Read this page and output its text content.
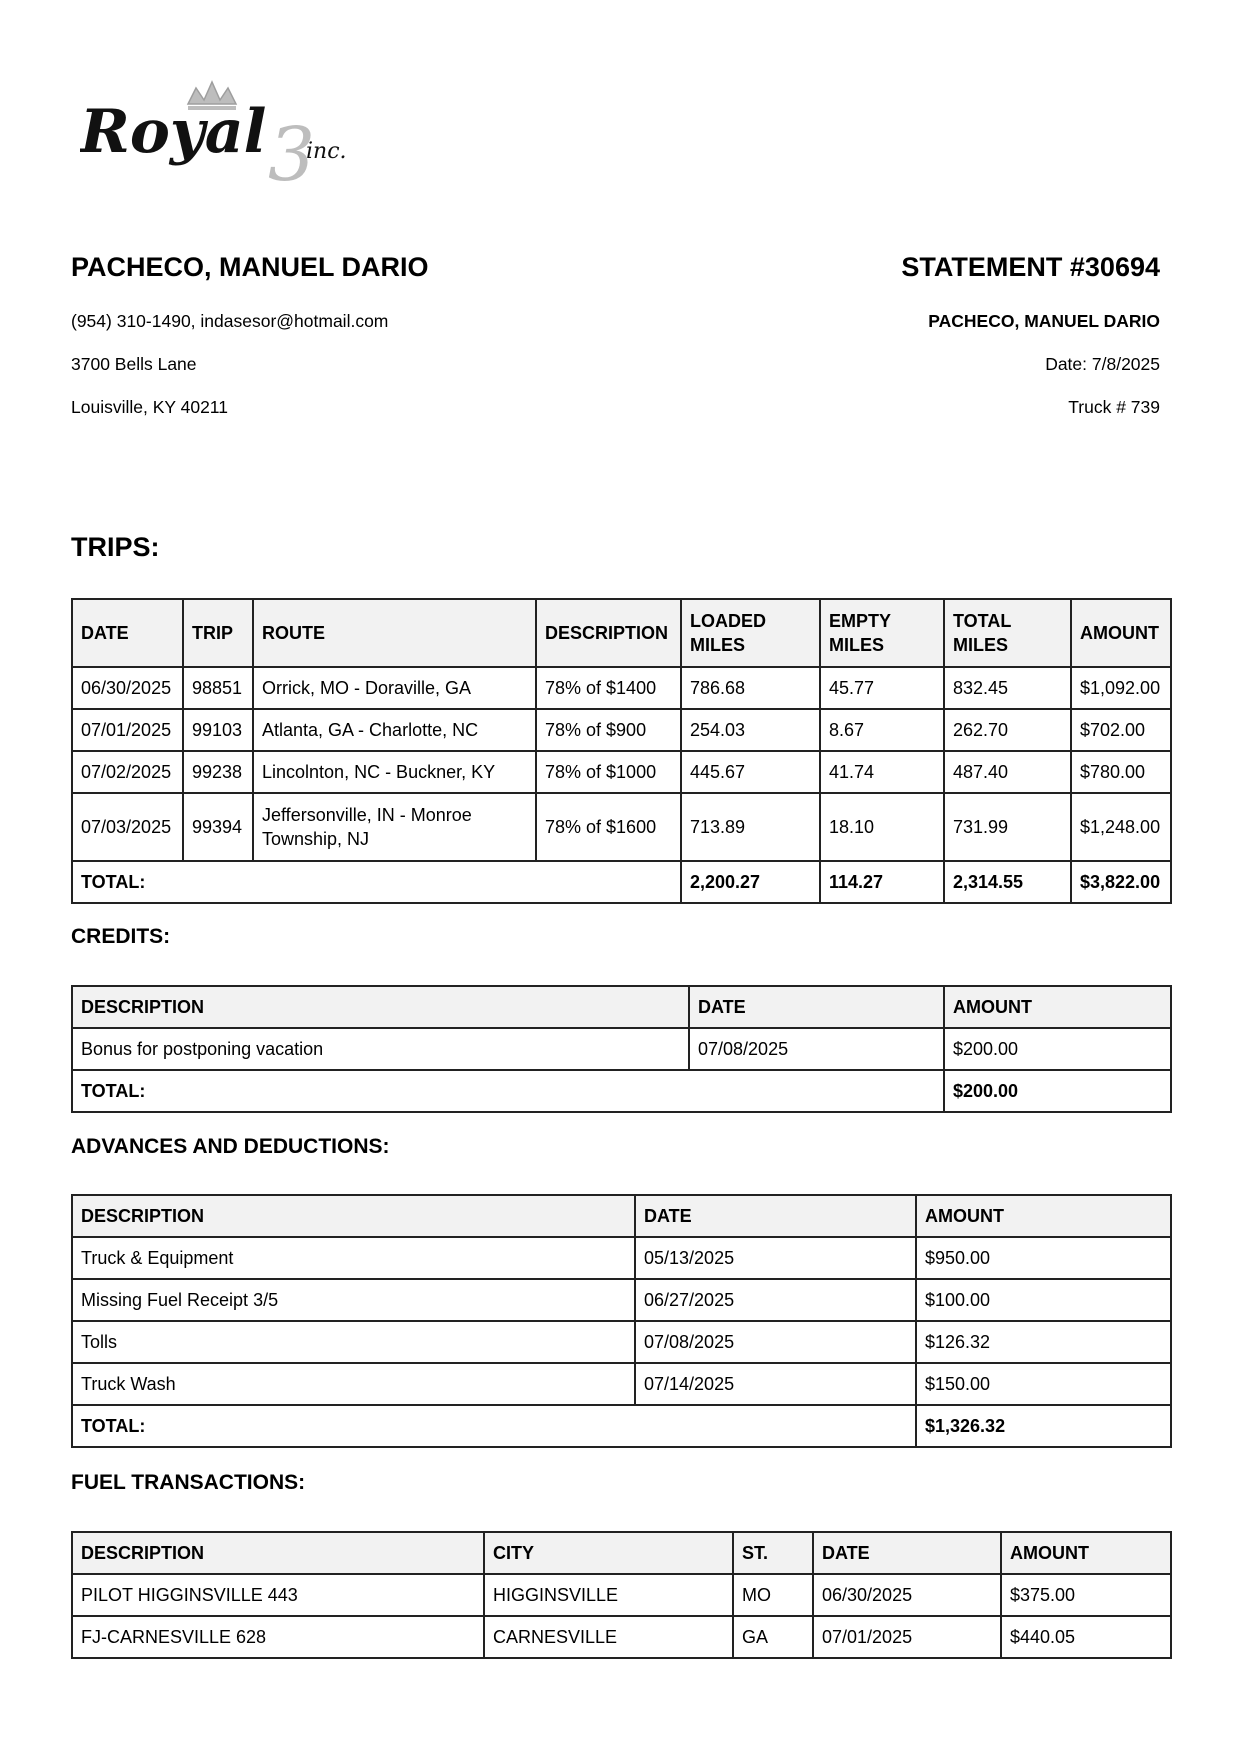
3
Royal inc.
PACHECO, MANUEL DARIO
(954) 310-1490, indasesor@hotmail.com
3700 Bells Lane
Louisville, KY 40211
STATEMENT #30694
PACHECO, MANUEL DARIO
Date: 7/8/2025
Truck # 739
TRIPS:
DATE	TRIP	ROUTE	DESCRIPTION	LOADED MILES	EMPTY MILES	TOTAL MILES	AMOUNT
06/30/2025	98851	Orrick, MO - Doraville, GA	78% of $1400	786.68	45.77	832.45	$1,092.00
07/01/2025	99103	Atlanta, GA - Charlotte, NC	78% of $900	254.03	8.67	262.70	$702.00
07/02/2025	99238	Lincolnton, NC - Buckner, KY	78% of $1000	445.67	41.74	487.40	$780.00
07/03/2025	99394	Jeffersonville, IN - Monroe Township, NJ	78% of $1600	713.89	18.10	731.99	$1,248.00
TOTAL:				2,200.27	114.27	2,314.55	$3,822.00
CREDITS:
DESCRIPTION	DATE	AMOUNT
Bonus for postponing vacation	07/08/2025	$200.00
TOTAL:		$200.00
ADVANCES AND DEDUCTIONS:
DESCRIPTION	DATE	AMOUNT
Truck & Equipment	05/13/2025	$950.00
Missing Fuel Receipt 3/5	06/27/2025	$100.00
Tolls	07/08/2025	$126.32
Truck Wash	07/14/2025	$150.00
TOTAL:		$1,326.32
FUEL TRANSACTIONS:
DESCRIPTION	CITY	ST.	DATE	AMOUNT
PILOT HIGGINSVILLE 443	HIGGINSVILLE	MO	06/30/2025	$375.00
FJ-CARNESVILLE 628	CARNESVILLE	GA	07/01/2025	$440.05
